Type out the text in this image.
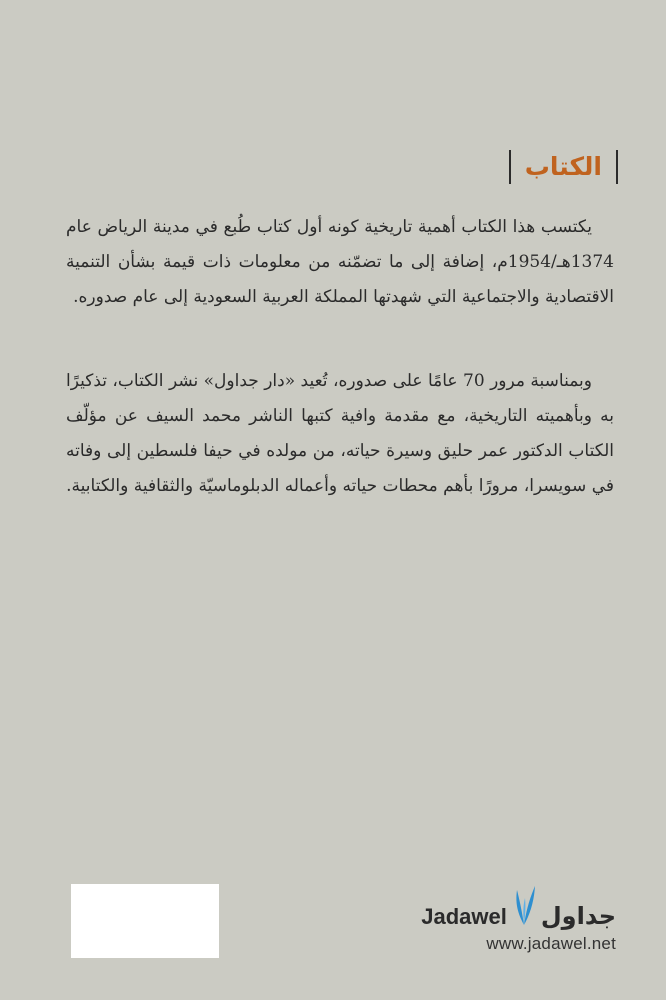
الكتاب

يكتسب هذا الكتاب أهمية تاريخية كونه أول كتاب طُبع في مدينة الرياض عام 1374هـ/1954م، إضافة إلى ما تضمّنه من معلومات ذات قيمة بشأن التنمية الاقتصادية والاجتماعية التي شهدتها المملكة العربية السعودية إلى عام صدوره.

وبمناسبة مرور 70 عامًا على صدوره، تُعيد «دار جداول» نشر الكتاب، تذكيرًا به وبأهميته التاريخية، مع مقدمة وافية كتبها الناشر محمد السيف عن مؤلّف الكتاب الدكتور عمر حليق وسيرة حياته، من مولده في حيفا فلسطين إلى وفاته في سويسرا، مرورًا بأهم محطات حياته وأعماله الدبلوماسيّة والثقافية والكتابية.

Jadawel جداول
www.jadawel.net
